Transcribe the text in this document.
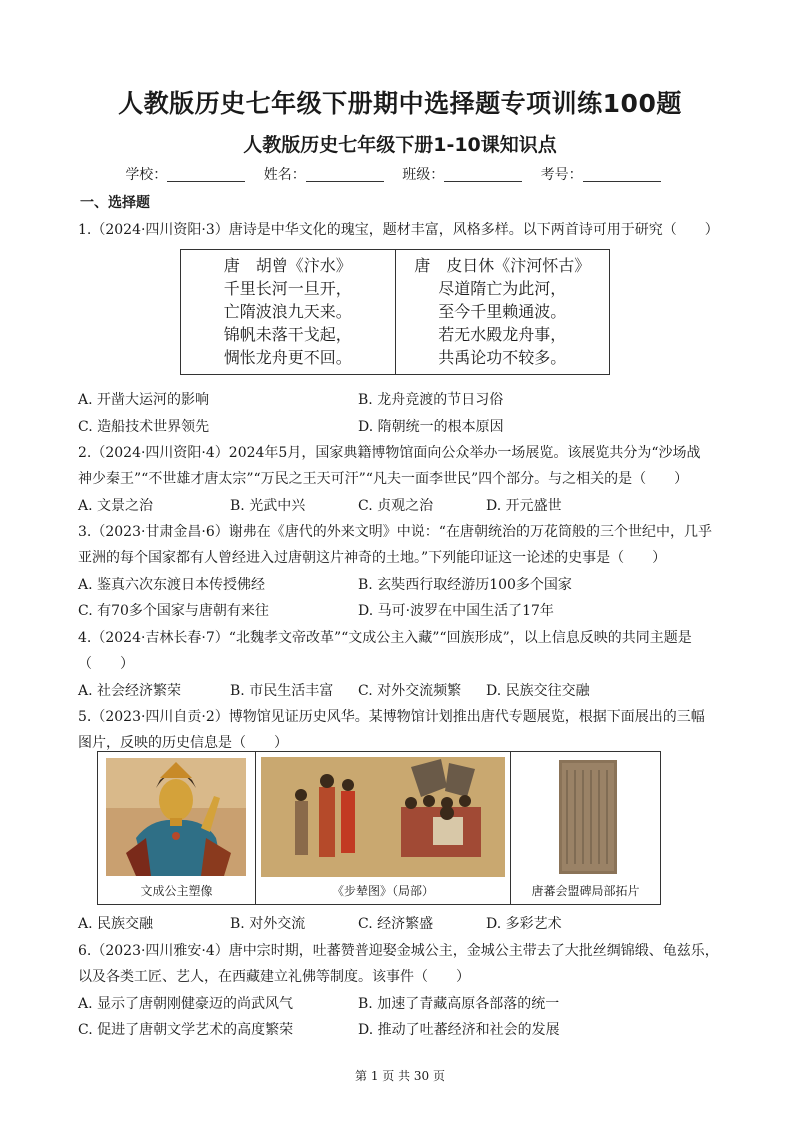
人教版历史七年级下册期中选择题专项训练100题
人教版历史七年级下册1-10课知识点
学校：	姓名：	班级：	考号：
一、选择题
1.（2024·四川资阳·3）唐诗是中华文化的瑰宝，题材丰富，风格多样。以下两首诗可用于研究（　　）
唐　胡曾《汴水》
千里长河一旦开，
亡隋波浪九天来。
锦帆未落干戈起，
惆怅龙舟更不回。
唐　皮日休《汴河怀古》
尽道隋亡为此河，
至今千里赖通波。
若无水殿龙舟事，
共禹论功不较多。
A. 开凿大运河的影响	B. 龙舟竞渡的节日习俗
C. 造船技术世界领先	D. 隋朝统一的根本原因
2.（2024·四川资阳·4）2024年5月，国家典籍博物馆面向公众举办一场展览。该展览共分为“沙场战
神少秦王”“不世雄才唐太宗”“万民之王天可汗”“凡夫一面李世民”四个部分。与之相关的是（　　）
A. 文景之治	B. 光武中兴	C. 贞观之治	D. 开元盛世
3.（2023·甘肃金昌·6）谢弗在《唐代的外来文明》中说：“在唐朝统治的万花筒般的三个世纪中，几乎
亚洲的每个国家都有人曾经进入过唐朝这片神奇的土地。”下列能印证这一论述的史事是（　　）
A. 鉴真六次东渡日本传授佛经	B. 玄奘西行取经游历100多个国家
C. 有70多个国家与唐朝有来往	D. 马可·波罗在中国生活了17年
4.（2024·吉林长春·7）“北魏孝文帝改革”“文成公主入藏”“回族形成”，以上信息反映的共同主题是
（　　）
A. 社会经济繁荣	B. 市民生活丰富 C. 对外交流频繁 D. 民族交往交融
5.（2023·四川自贡·2）博物馆见证历史风华。某博物馆计划推出唐代专题展览，根据下面展出的三幅
图片，反映的历史信息是（　　）
文成公主塑像	《步辇图》（局部）	唐蕃会盟碑局部拓片
A. 民族交融	B. 对外交流	C. 经济繁盛	D. 多彩艺术
6.（2023·四川雅安·4）唐中宗时期，吐蕃赞普迎娶金城公主，金城公主带去了大批丝绸锦缎、龟兹乐，
以及各类工匠、艺人，在西藏建立礼佛等制度。该事件（　　）
A. 显示了唐朝刚健豪迈的尚武风气	B. 加速了青藏高原各部落的统一
C. 促进了唐朝文学艺术的高度繁荣	D. 推动了吐蕃经济和社会的发展
第 1 页 共 30 页
